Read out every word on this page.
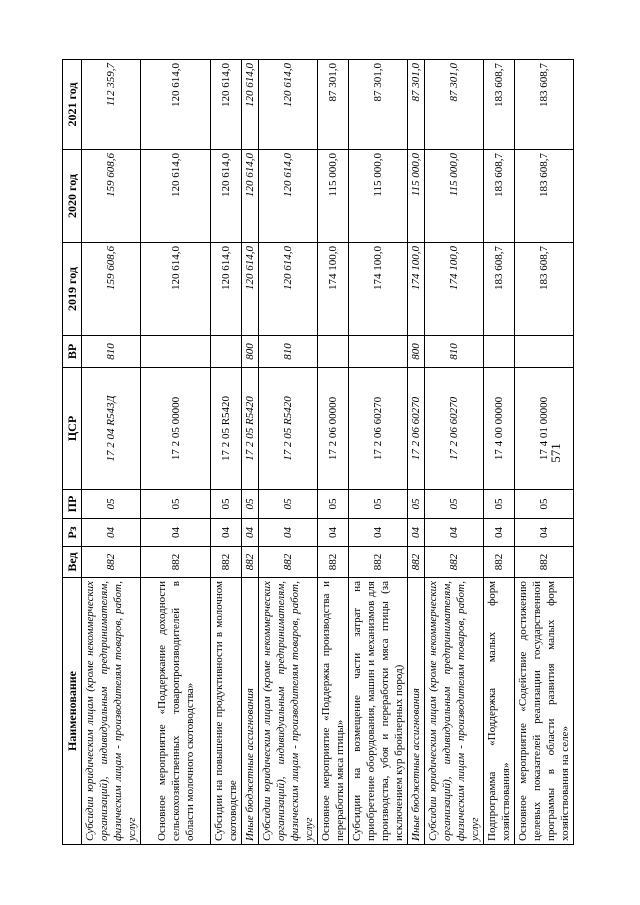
571
Наименование	Вед	Рз	ПР	ЦСР	ВР	2019 год	2020 год	2021 год
Субсидии юридическим лицам (кроме некоммерческих организаций), индивидуальным предпринимателям, физическим лицам - производителям товаров, работ, услуг	882	04	05	17 2 04 R543Д	810	159 608,6	159 608,6	112 359,7
Основное мероприятие «Поддержание доходности сельскохозяйственных товаропроизводителей в области молочного скотоводства»	882	04	05	17 2 05 00000		120 614,0	120 614,0	120 614,0
Субсидии на повышение продуктивности в молочном скотоводстве	882	04	05	17 2 05 R5420		120 614,0	120 614,0	120 614,0
Иные бюджетные ассигнования	882	04	05	17 2 05 R5420	800	120 614,0	120 614,0	120 614,0
Субсидии юридическим лицам (кроме некоммерческих организаций), индивидуальным предпринимателям, физическим лицам - производителям товаров, работ, услуг	882	04	05	17 2 05 R5420	810	120 614,0	120 614,0	120 614,0
Основное мероприятие «Поддержка производства и переработки мяса птицы»	882	04	05	17 2 06 00000		174 100,0	115 000,0	87 301,0
Субсидии на возмещение части затрат на приобретение оборудования, машин и механизмов для производства, убоя и переработки мяса птицы (за исключением кур бройлерных пород)	882	04	05	17 2 06 60270		174 100,0	115 000,0	87 301,0
Иные бюджетные ассигнования	882	04	05	17 2 06 60270	800	174 100,0	115 000,0	87 301,0
Субсидии юридическим лицам (кроме некоммерческих организаций), индивидуальным предпринимателям, физическим лицам - производителям товаров, работ, услуг	882	04	05	17 2 06 60270	810	174 100,0	115 000,0	87 301,0
Подпрограмма «Поддержка малых форм хозяйствования»	882	04	05	17 4 00 00000		183 608,7	183 608,7	183 608,7
Основное мероприятие «Содействие достижению целевых показателей реализации государственной программы в области развития малых форм хозяйствования на селе»	882	04	05	17 4 01 00000		183 608,7	183 608,7	183 608,7
